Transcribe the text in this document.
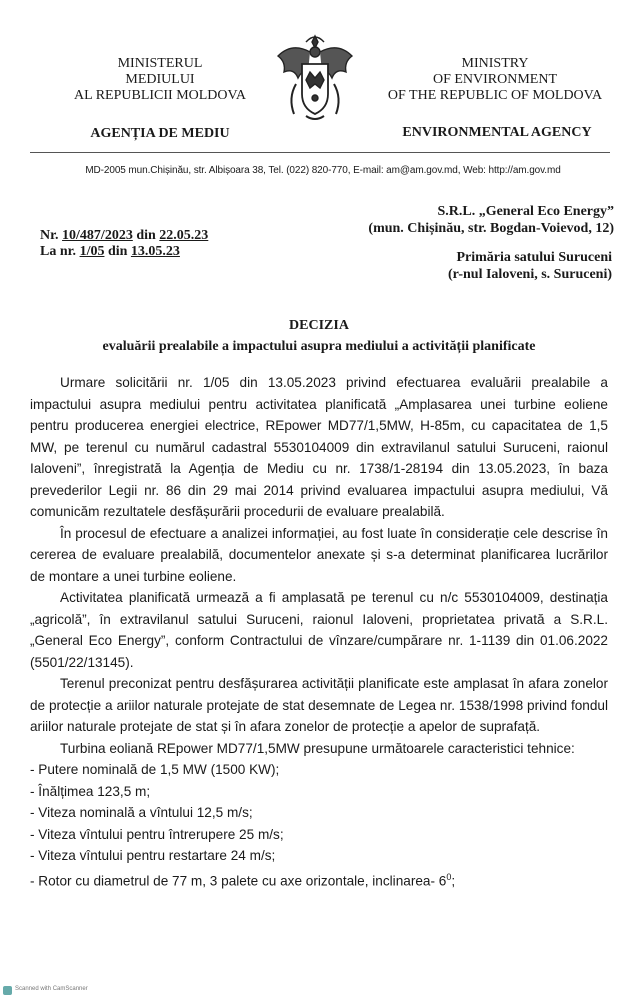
MINISTERUL
MEDIULUI
AL REPUBLICII MOLDOVA
AGENȚIA DE MEDIU
MINISTRY
OF ENVIRONMENT
OF THE REPUBLIC OF MOLDOVA
ENVIRONMENTAL AGENCY
MD-2005 mun.Chișinău, str. Albișoara 38, Tel. (022) 820-770, E-mail: am@am.gov.md, Web: http://am.gov.md
Nr. 10/487/2023 din 22.05.23
La nr. 1/05 din 13.05.23
S.R.L. „General Eco Energy”
(mun. Chișinău, str. Bogdan-Voievod, 12)
Primăria satului Suruceni
(r-nul Ialoveni, s. Suruceni)
DECIZIA
evaluării prealabile a impactului asupra mediului a activității planificate

Urmare solicitării nr. 1/05 din 13.05.2023 privind efectuarea evaluării prealabile a impactului asupra mediului pentru activitatea planificată „Amplasarea unei turbine eoliene pentru producerea energiei electrice, REpower MD77/1,5MW, H-85m, cu capacitatea de 1,5 MW, pe terenul cu numărul cadastral 5530104009 din extravilanul satului Suruceni, raionul Ialoveni”, înregistrată la Agenția de Mediu cu nr. 1738/1-28194 din 13.05.2023, în baza prevederilor Legii nr. 86 din 29 mai 2014 privind evaluarea impactului asupra mediului, Vă comunicăm rezultatele desfășurării procedurii de evaluare prealabilă.

În procesul de efectuare a analizei informației, au fost luate în considerație cele descrise în cererea de evaluare prealabilă, documentelor anexate și s-a determinat planificarea lucrărilor de montare a unei turbine eoliene.

Activitatea planificată urmează a fi amplasată pe terenul cu n/c 5530104009, destinația „agricolă”, în extravilanul satului Suruceni, raionul Ialoveni, proprietatea privată a S.R.L. „General Eco Energy”, conform Contractului de vînzare/cumpărare nr. 1-1139 din 01.06.2022 (5501/22/13145).

Terenul preconizat pentru desfășurarea activității planificate este amplasat în afara zonelor de protecție a ariilor naturale protejate de stat desemnate de Legea nr. 1538/1998 privind fondul ariilor naturale protejate de stat și în afara zonelor de protecție a apelor de suprafață.

Turbina eoliană REpower MD77/1,5MW presupune următoarele caracteristici tehnice:

- Putere nominală de 1,5 MW (1500 KW);

- Înălțimea 123,5 m;

- Viteza nominală a vîntului 12,5 m/s;

- Viteza vîntului pentru întrerupere 25 m/s;

- Viteza vîntului pentru restartare 24 m/s;

- Rotor cu diametrul de 77 m, 3 palete cu axe orizontale, inclinarea- $6^0$;

Scanned with CamScanner
